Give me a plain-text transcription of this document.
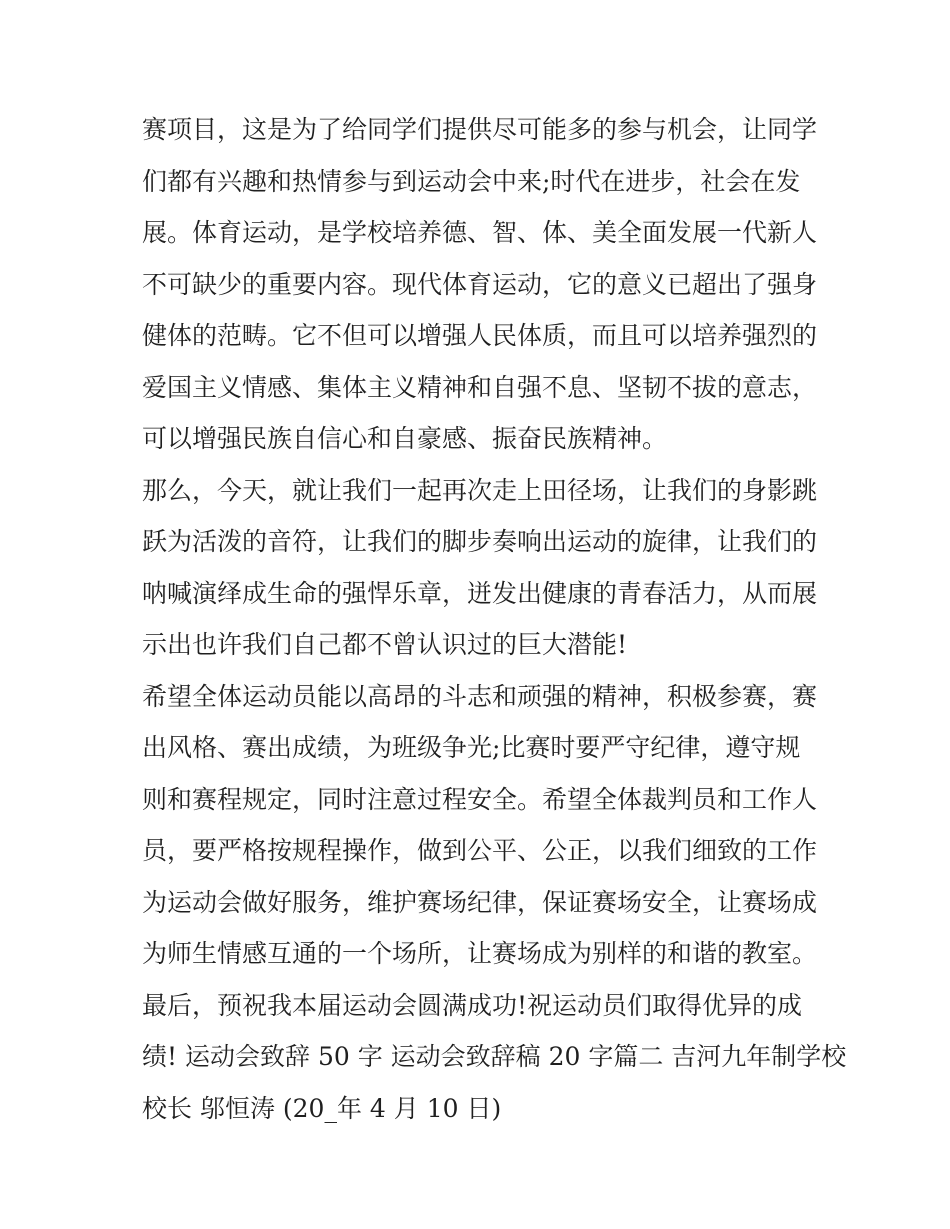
赛项目，这是为了给同学们提供尽可能多的参与机会，让同学
们都有兴趣和热情参与到运动会中来;时代在进步，社会在发
展。体育运动，是学校培养德、智、体、美全面发展一代新人
不可缺少的重要内容。现代体育运动，它的意义已超出了强身
健体的范畴。它不但可以增强人民体质，而且可以培养强烈的
爱国主义情感、集体主义精神和自强不息、坚韧不拔的意志，
可以增强民族自信心和自豪感、振奋民族精神。
那么，今天，就让我们一起再次走上田径场，让我们的身影跳
跃为活泼的音符，让我们的脚步奏响出运动的旋律，让我们的
呐喊演绎成生命的强悍乐章，迸发出健康的青春活力，从而展
示出也许我们自己都不曾认识过的巨大潜能!
希望全体运动员能以高昂的斗志和顽强的精神，积极参赛，赛
出风格、赛出成绩，为班级争光;比赛时要严守纪律，遵守规
则和赛程规定，同时注意过程安全。希望全体裁判员和工作人
员，要严格按规程操作，做到公平、公正，以我们细致的工作
为运动会做好服务，维护赛场纪律，保证赛场安全，让赛场成
为师生情感互通的一个场所，让赛场成为别样的和谐的教室。
最后，预祝我本届运动会圆满成功!祝运动员们取得优异的成
绩! 运动会致辞 50 字 运动会致辞稿 20 字篇二 吉河九年制学校
校长 邬恒涛 (20_年 4 月 10 日)
